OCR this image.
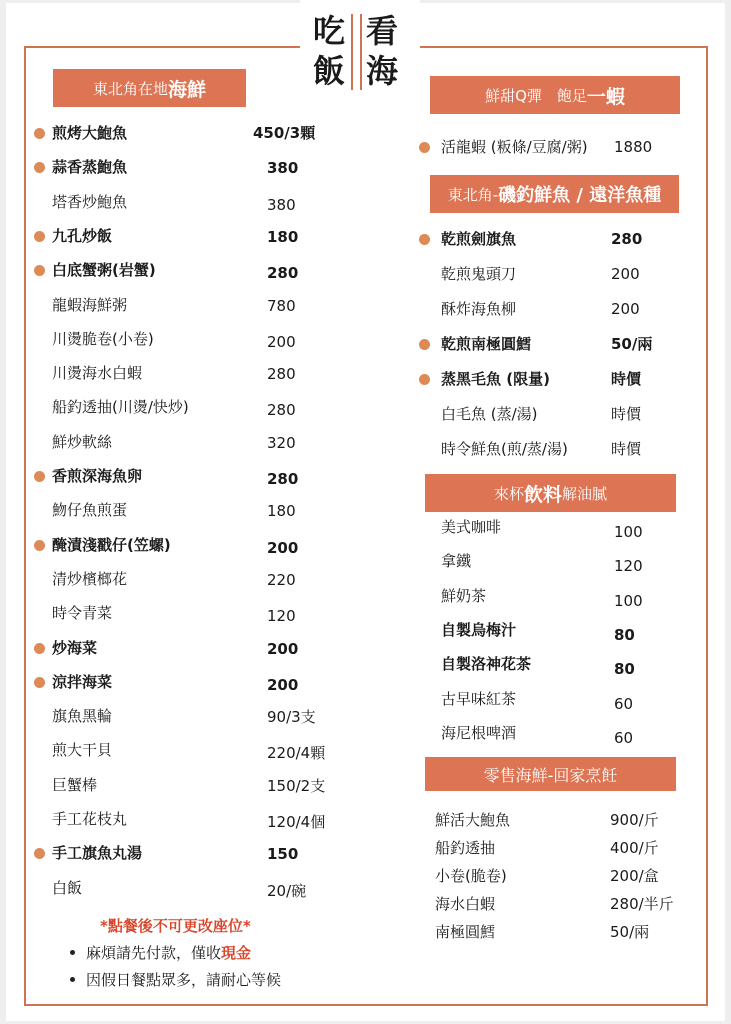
吃 看
飯 海
東北角在地 海鮮
煎烤大鮑魚	450/3顆
蒜香蒸鮑魚	380
塔香炒鮑魚	380
九孔炒飯	180
白底蟹粥(岩蟹)	280
龍蝦海鮮粥	780
川燙脆卷(小卷)	200
川燙海水白蝦	280
船釣透抽(川燙/快炒)	280
鮮炒軟絲	320
香煎深海魚卵	280
魩仔魚煎蛋	180
醃漬淺戳仔(笠螺)	200
清炒檳榔花	220
時令青菜	120
炒海菜	200
涼拌海菜	200
旗魚黑輪	90/3支
煎大干貝	220/4顆
巨蟹棒	150/2支
手工花枝丸	120/4個
手工旗魚丸湯	150
白飯	20/碗
*點餐後不可更改座位*
麻煩請先付款，僅收現金
因假日餐點眾多，請耐心等候
鮮甜Q彈　飽足 一蝦
東北角- 磯釣鮮魚 / 遠洋魚種
來杯 飲料 解油膩
零售海鮮-回家烹飪
活龍蝦 (粄條/豆腐/粥) 1880
乾煎劍旗魚	280
乾煎鬼頭刀	200
酥炸海魚柳	200
乾煎南極圓鱈	50/兩
蒸黑毛魚 (限量)	時價
白毛魚 (蒸/湯)	時價
時令鮮魚(煎/蒸/湯)	時價
美式咖啡	100
拿鐵	120
鮮奶茶	100
自製烏梅汁	80
自製洛神花茶	80
古早味紅茶	60
海尼根啤酒	60
鮮活大鮑魚	900/斤
船釣透抽	400/斤
小卷(脆卷)	200/盒
海水白蝦	280/半斤
南極圓鱈	50/兩
